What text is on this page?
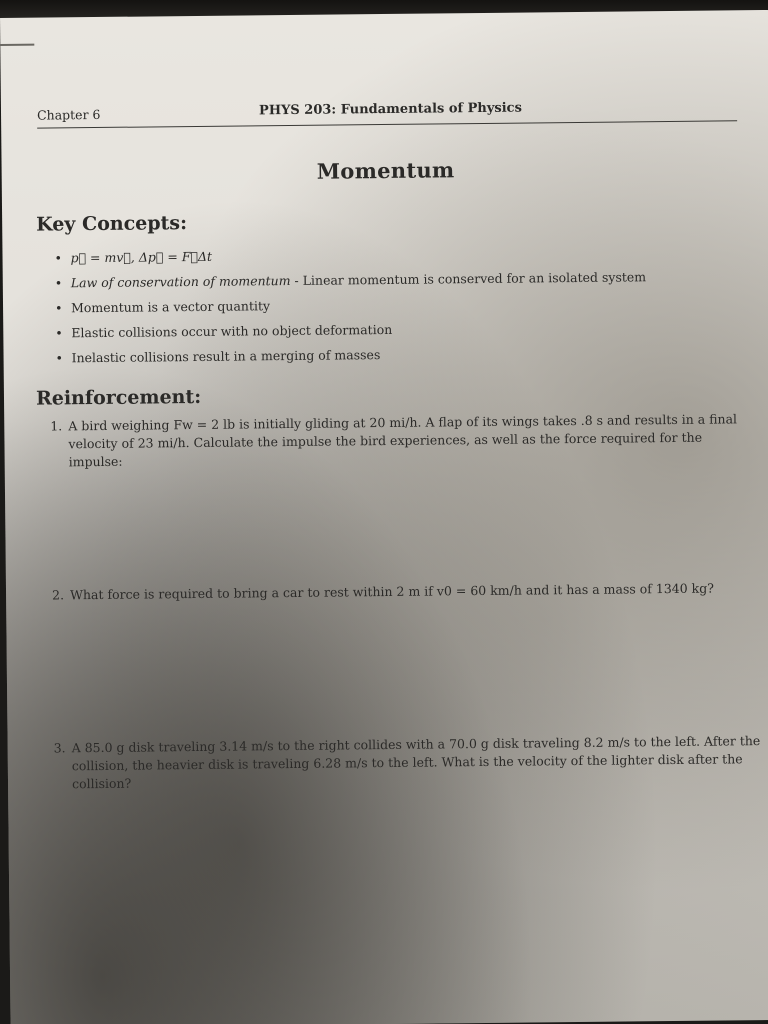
Chapter 6	PHYS 203: Fundamentals of Physics
Momentum
Key Concepts:
• p⃗ = mv⃗, Δp⃗ = F⃗Δt
• Law of conservation of momentum - Linear momentum is conserved for an isolated system
• Momentum is a vector quantity
• Elastic collisions occur with no object deformation
• Inelastic collisions result in a merging of masses
Reinforcement:
1. A bird weighing Fw = 2 lb is initially gliding at 20 mi/h. A flap of its wings takes .8 s and results in a final velocity of 23 mi/h. Calculate the impulse the bird experiences, as well as the force required for the impulse:
2. What force is required to bring a car to rest within 2 m if v0 = 60 km/h and it has a mass of 1340 kg?
3. A 85.0 g disk traveling 3.14 m/s to the right collides with a 70.0 g disk traveling 8.2 m/s to the left. After the collision, the heavier disk is traveling 6.28 m/s to the left. What is the velocity of the lighter disk after the collision?
